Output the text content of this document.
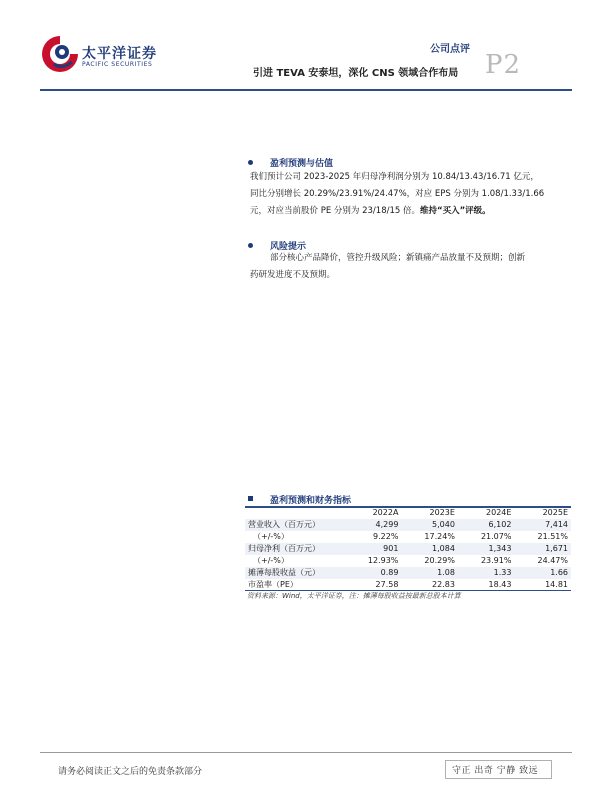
太平洋证券
PACIFIC SECURITIES
公司点评
引进 TEVA 安泰坦，深化 CNS 领域合作布局 P2
盈利预测与估值
我们预计公司 2023-2025 年归母净利润分别为 10.84/13.43/16.71 亿元，
同比分别增长 20.29%/23.91%/24.47%，对应 EPS 分别为 1.08/1.33/1.66
元，对应当前股价 PE 分别为 23/18/15 倍。维持“买入”评级。
风险提示
部分核心产品降价，管控升级风险；新镇痛产品放量不及预期；创新
药研发进度不及预期。
盈利预测和财务指标
	2022A	2023E	2024E	2025E
营业收入（百万元）	4,299	5,040	6,102	7,414
（+/-%）	9.22%	17.24%	21.07%	21.51%
归母净利（百万元）	901	1,084	1,343	1,671
（+/-%）	12.93%	20.29%	23.91%	24.47%
摊薄每股收益（元）	0.89	1.08	1.33	1.66
市盈率（PE）	27.58	22.83	18.43	14.81
资料来源：Wind，太平洋证券，注：摊薄每股收益按最新总股本计算
请务必阅读正文之后的免责条款部分	守正 出奇 宁静 致远
